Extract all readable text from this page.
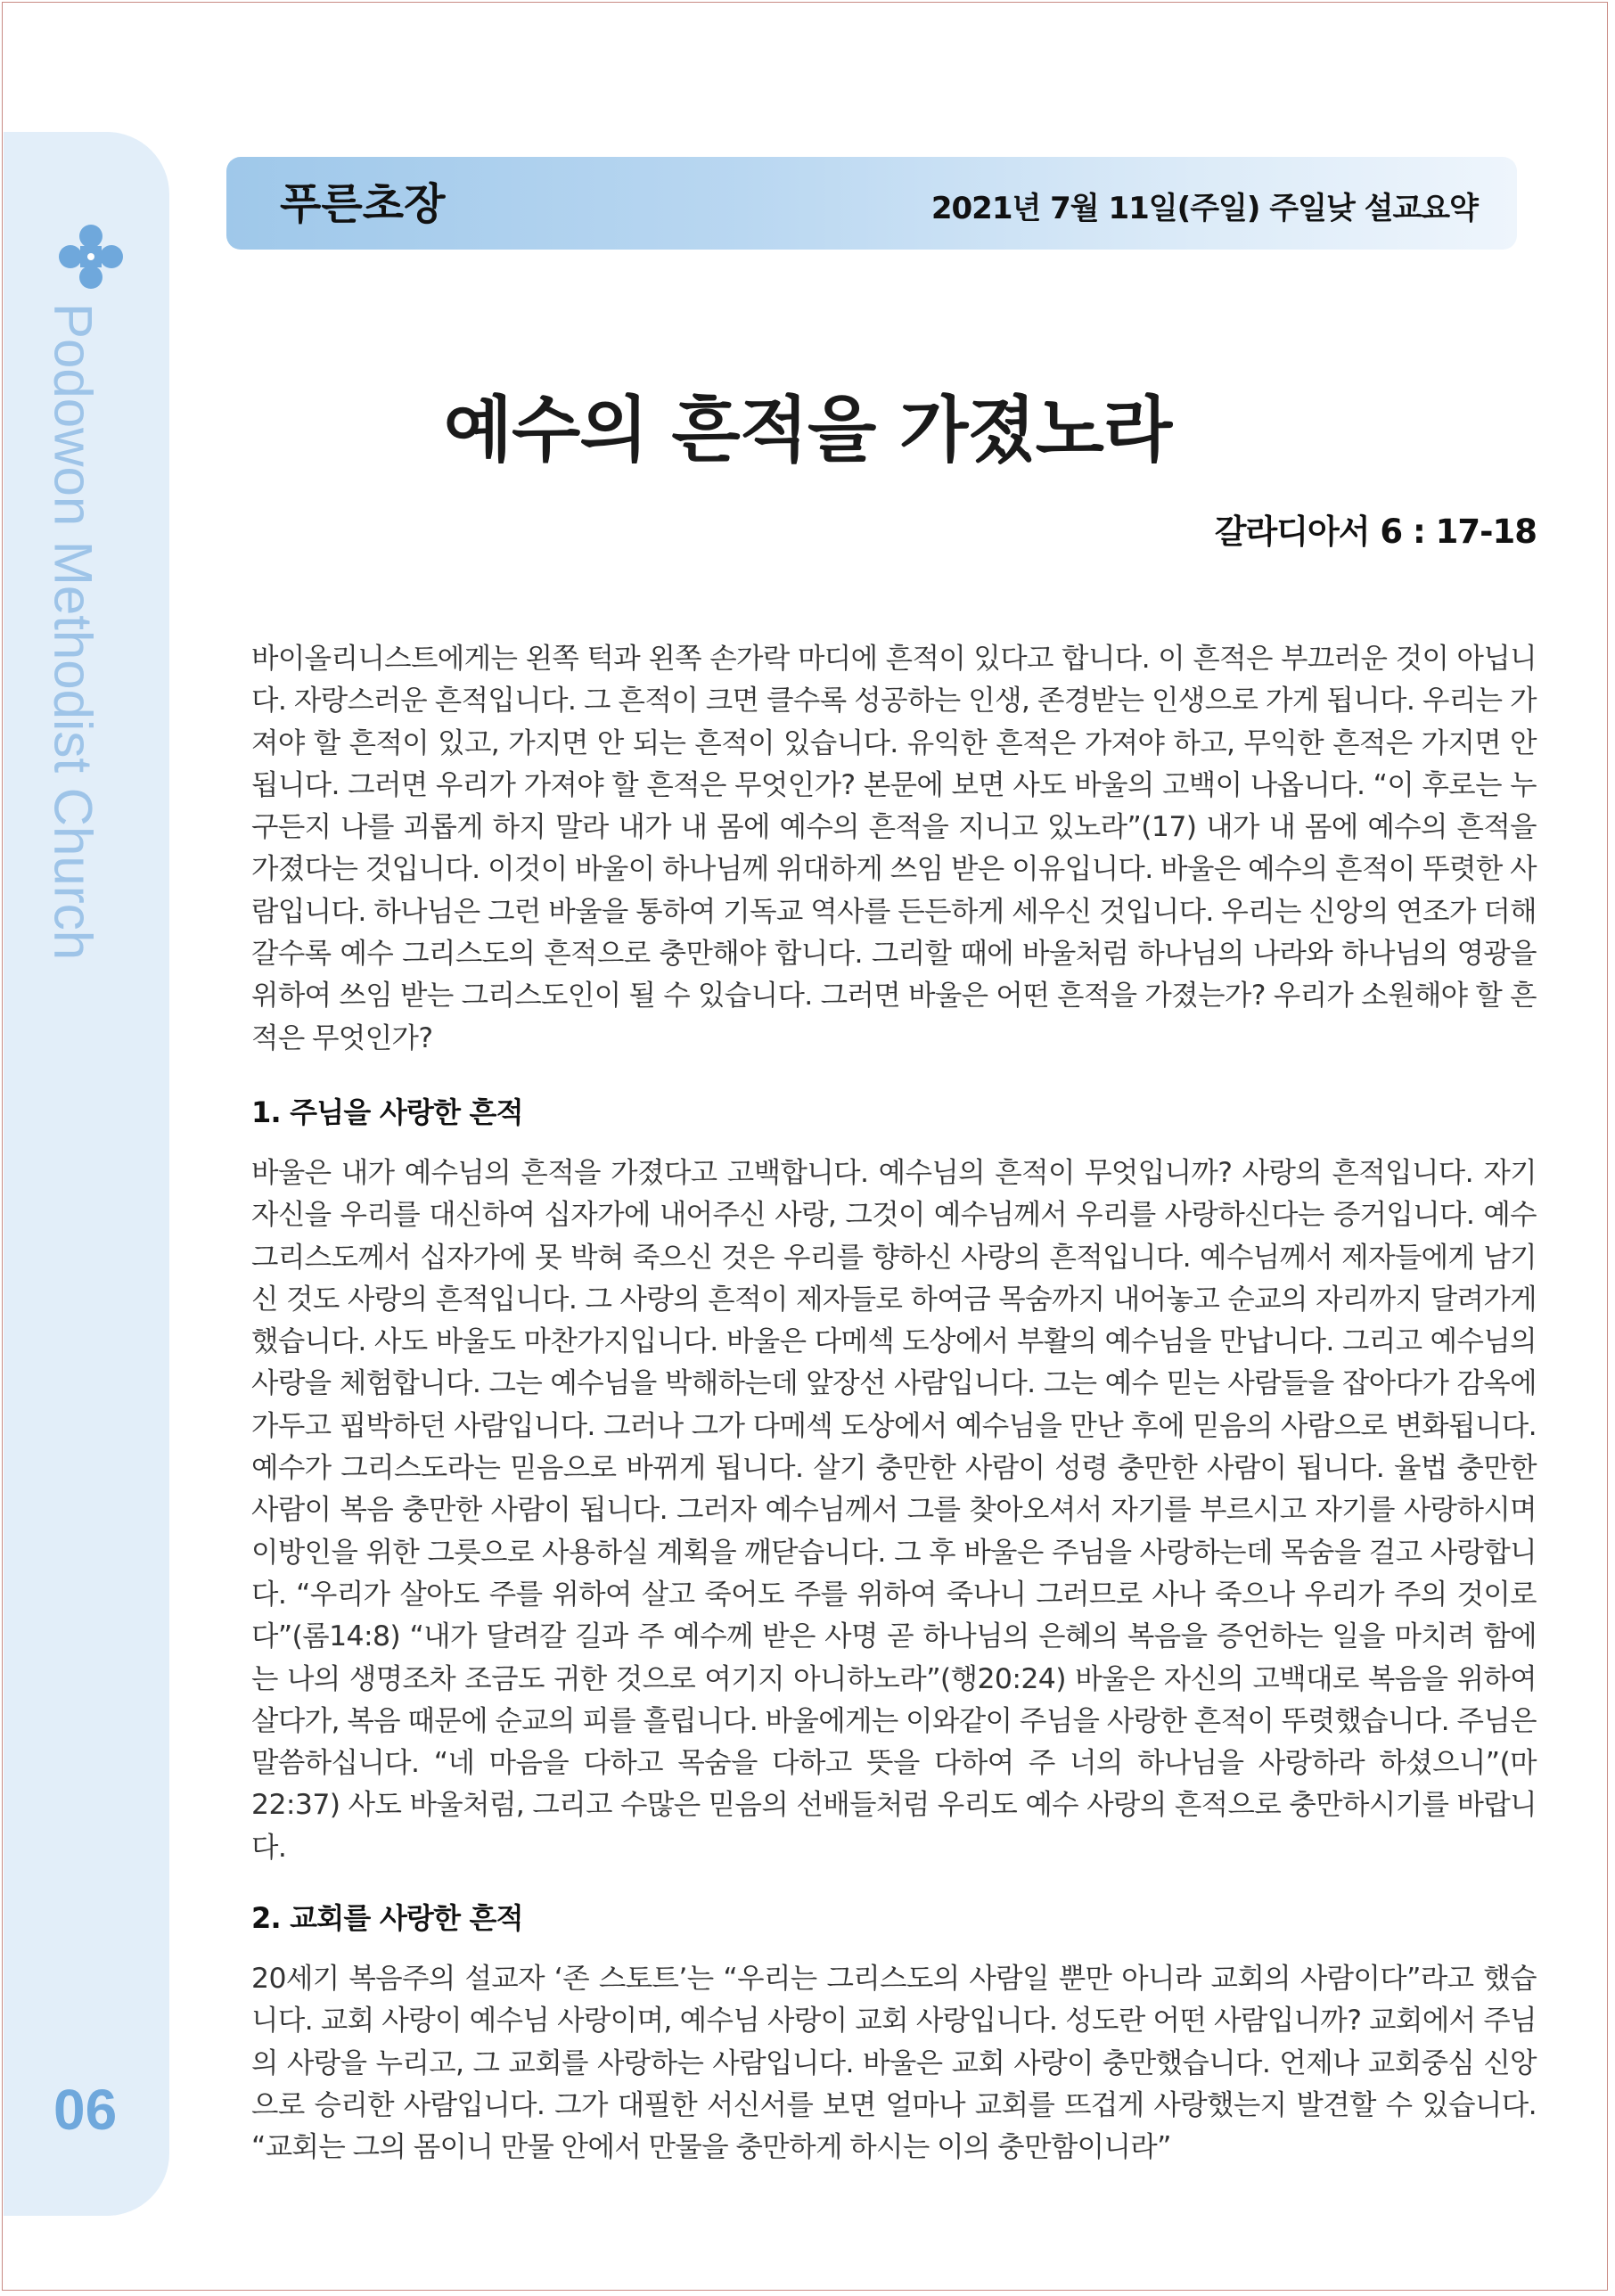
Podowon Methodist Church
06
푸른초장	2021년 7월 11일(주일) 주일낮 설교요약
예수의 흔적을 가졌노라
갈라디아서 6 : 17-18

바이올리니스트에게는 왼쪽 턱과 왼쪽 손가락 마디에 흔적이 있다고 합니다. 이 흔적은 부끄러운 것이 아닙니다. 자랑스러운 흔적입니다. 그 흔적이 크면 클수록 성공하는 인생, 존경받는 인생으로 가게 됩니다. 우리는 가져야 할 흔적이 있고, 가지면 안 되는 흔적이 있습니다. 유익한 흔적은 가져야 하고, 무익한 흔적은 가지면 안 됩니다. 그러면 우리가 가져야 할 흔적은 무엇인가? 본문에 보면 사도 바울의 고백이 나옵니다. “이 후로는 누구든지 나를 괴롭게 하지 말라 내가 내 몸에 예수의 흔적을 지니고 있노라”(17) 내가 내 몸에 예수의 흔적을 가졌다는 것입니다. 이것이 바울이 하나님께 위대하게 쓰임 받은 이유입니다. 바울은 예수의 흔적이 뚜렷한 사람입니다. 하나님은 그런 바울을 통하여 기독교 역사를 든든하게 세우신 것입니다. 우리는 신앙의 연조가 더해갈수록 예수 그리스도의 흔적으로 충만해야 합니다. 그리할 때에 바울처럼 하나님의 나라와 하나님의 영광을 위하여 쓰임 받는 그리스도인이 될 수 있습니다. 그러면 바울은 어떤 흔적을 가졌는가? 우리가 소원해야 할 흔적은 무엇인가?

1. 주님을 사랑한 흔적

바울은 내가 예수님의 흔적을 가졌다고 고백합니다. 예수님의 흔적이 무엇입니까? 사랑의 흔적입니다. 자기 자신을 우리를 대신하여 십자가에 내어주신 사랑, 그것이 예수님께서 우리를 사랑하신다는 증거입니다. 예수 그리스도께서 십자가에 못 박혀 죽으신 것은 우리를 향하신 사랑의 흔적입니다. 예수님께서 제자들에게 남기신 것도 사랑의 흔적입니다. 그 사랑의 흔적이 제자들로 하여금 목숨까지 내어놓고 순교의 자리까지 달려가게 했습니다. 사도 바울도 마찬가지입니다. 바울은 다메섹 도상에서 부활의 예수님을 만납니다. 그리고 예수님의 사랑을 체험합니다. 그는 예수님을 박해하는데 앞장선 사람입니다. 그는 예수 믿는 사람들을 잡아다가 감옥에 가두고 핍박하던 사람입니다. 그러나 그가 다메섹 도상에서 예수님을 만난 후에 믿음의 사람으로 변화됩니다. 예수가 그리스도라는 믿음으로 바뀌게 됩니다. 살기 충만한 사람이 성령 충만한 사람이 됩니다. 율법 충만한 사람이 복음 충만한 사람이 됩니다. 그러자 예수님께서 그를 찾아오셔서 자기를 부르시고 자기를 사랑하시며 이방인을 위한 그릇으로 사용하실 계획을 깨닫습니다. 그 후 바울은 주님을 사랑하는데 목숨을 걸고 사랑합니다. “우리가 살아도 주를 위하여 살고 죽어도 주를 위하여 죽나니 그러므로 사나 죽으나 우리가 주의 것이로다”(롬14:8) “내가 달려갈 길과 주 예수께 받은 사명 곧 하나님의 은혜의 복음을 증언하는 일을 마치려 함에는 나의 생명조차 조금도 귀한 것으로 여기지 아니하노라”(행20:24) 바울은 자신의 고백대로 복음을 위하여 살다가, 복음 때문에 순교의 피를 흘립니다. 바울에게는 이와같이 주님을 사랑한 흔적이 뚜렷했습니다. 주님은 말씀하십니다. “네 마음을 다하고 목숨을 다하고 뜻을 다하여 주 너의 하나님을 사랑하라 하셨으니”(마22:37) 사도 바울처럼, 그리고 수많은 믿음의 선배들처럼 우리도 예수 사랑의 흔적으로 충만하시기를 바랍니다.

2. 교회를 사랑한 흔적

20세기 복음주의 설교자 ‘존 스토트’는 “우리는 그리스도의 사람일 뿐만 아니라 교회의 사람이다”라고 했습니다. 교회 사랑이 예수님 사랑이며, 예수님 사랑이 교회 사랑입니다. 성도란 어떤 사람입니까? 교회에서 주님의 사랑을 누리고, 그 교회를 사랑하는 사람입니다. 바울은 교회 사랑이 충만했습니다. 언제나 교회중심 신앙으로 승리한 사람입니다. 그가 대필한 서신서를 보면 얼마나 교회를 뜨겁게 사랑했는지 발견할 수 있습니다. “교회는 그의 몸이니 만물 안에서 만물을 충만하게 하시는 이의 충만함이니라”
